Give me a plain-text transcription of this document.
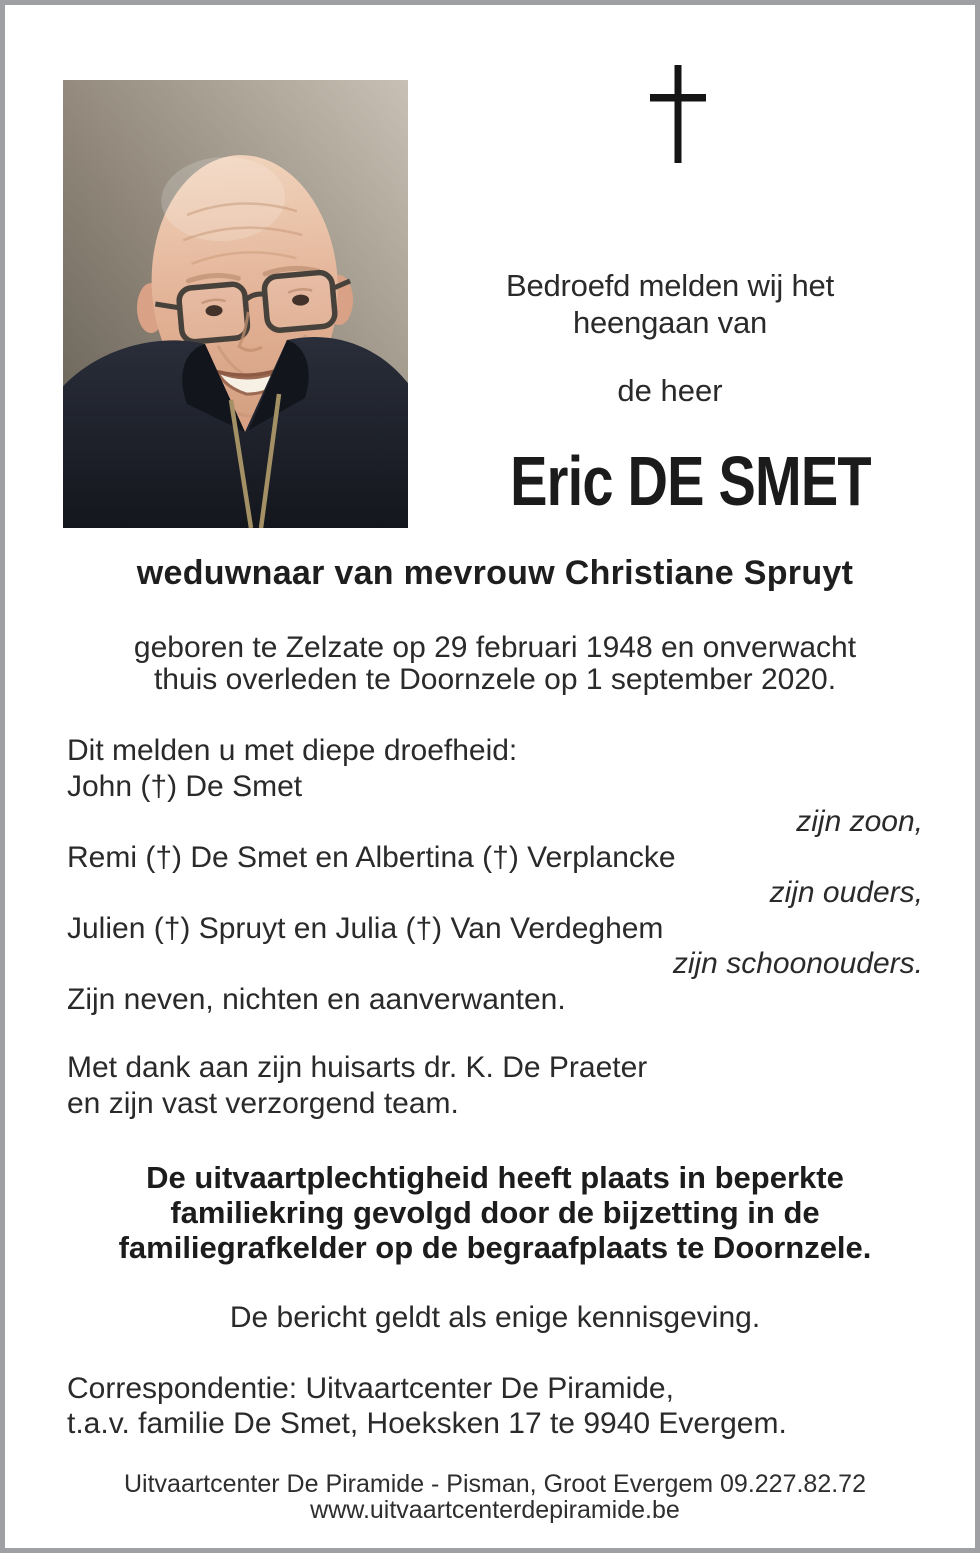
Bedroefd melden wij het
heengaan van
de heer
Eric DE SMET
weduwnaar van mevrouw Christiane Spruyt
geboren te Zelzate op 29 februari 1948 en onverwacht
thuis overleden te Doornzele op 1 september 2020.
Dit melden u met diepe droefheid:
John (†) De Smet
zijn zoon,
Remi (†) De Smet en Albertina (†) Verplancke
zijn ouders,
Julien (†) Spruyt en Julia (†) Van Verdeghem
zijn schoonouders.
Zijn neven, nichten en aanverwanten.
Met dank aan zijn huisarts dr. K. De Praeter
en zijn vast verzorgend team.
De uitvaartplechtigheid heeft plaats in beperkte
familiekring gevolgd door de bijzetting in de
familiegrafkelder op de begraafplaats te Doornzele.
De bericht geldt als enige kennisgeving.
Correspondentie: Uitvaartcenter De Piramide,
t.a.v. familie De Smet, Hoeksken 17 te 9940 Evergem.
Uitvaartcenter De Piramide - Pisman, Groot Evergem 09.227.82.72
www.uitvaartcenterdepiramide.be
